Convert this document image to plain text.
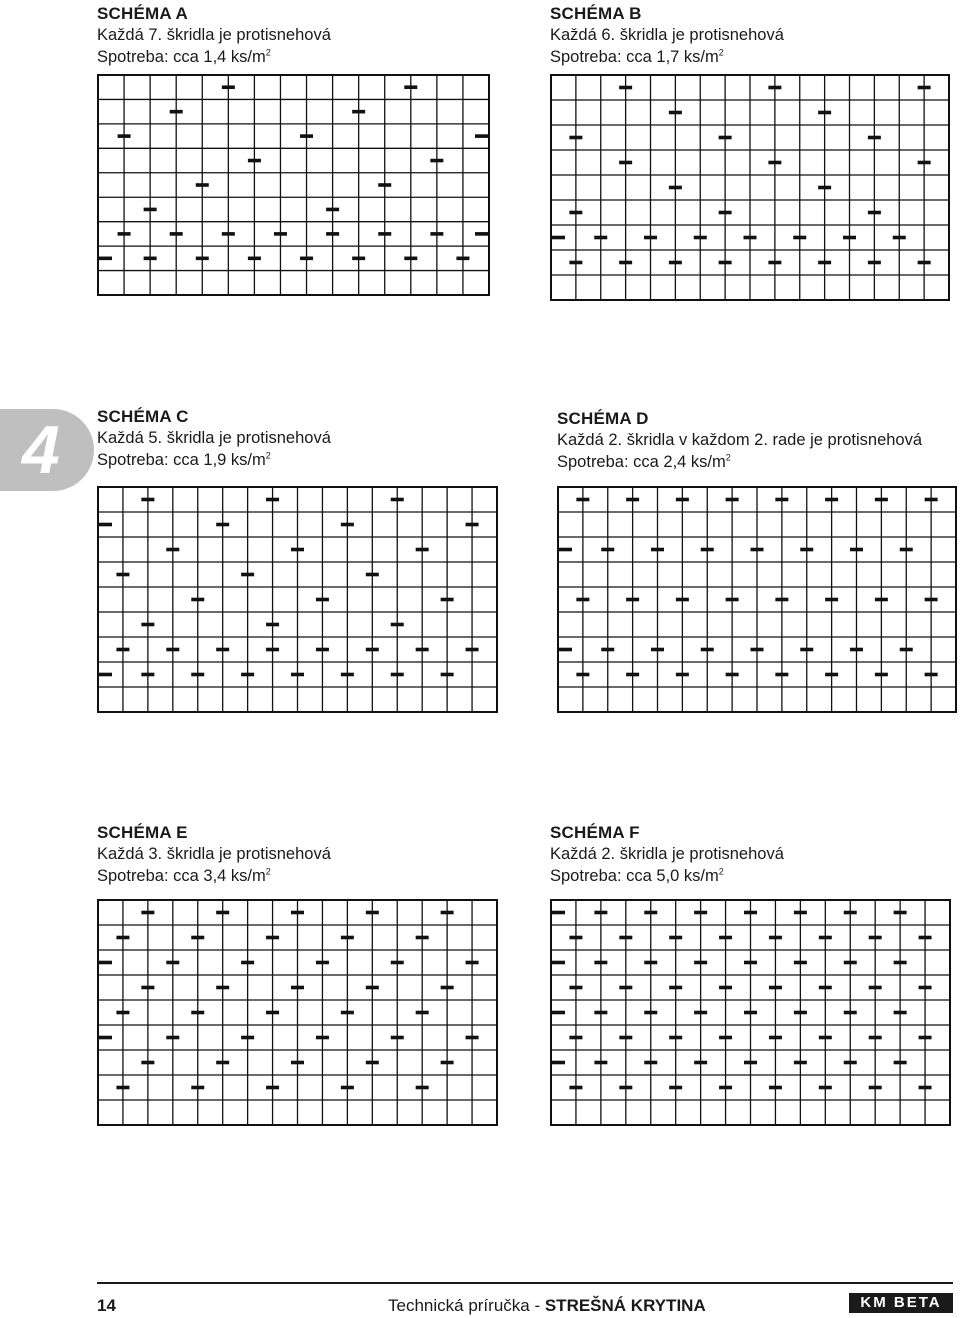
SCHÉMA A
Každá 7. škridla je protisnehová
Spotreba: cca 1,4 $ks/m^2$
SCHÉMA B
Každá 6. škridla je protisnehová
Spotreba: cca 1,7 $ks/m^2$
4 SCHÉMA C
Každá 5. škridla je protisnehová
Spotreba: cca 1,9 $ks/m^2$
SCHÉMA D
Každá 2. škridla v každom 2. rade je protisnehová
Spotreba: cca 2,4 $ks/m^2$
SCHÉMA E
Každá 3. škridla je protisnehová
Spotreba: cca 3,4 $ks/m^2$
SCHÉMA F
Každá 2. škridla je protisnehová
Spotreba: cca 5,0 $ks/m^2$
14	Technická príručka - STREŠNÁ KRYTINA	KM BETA
